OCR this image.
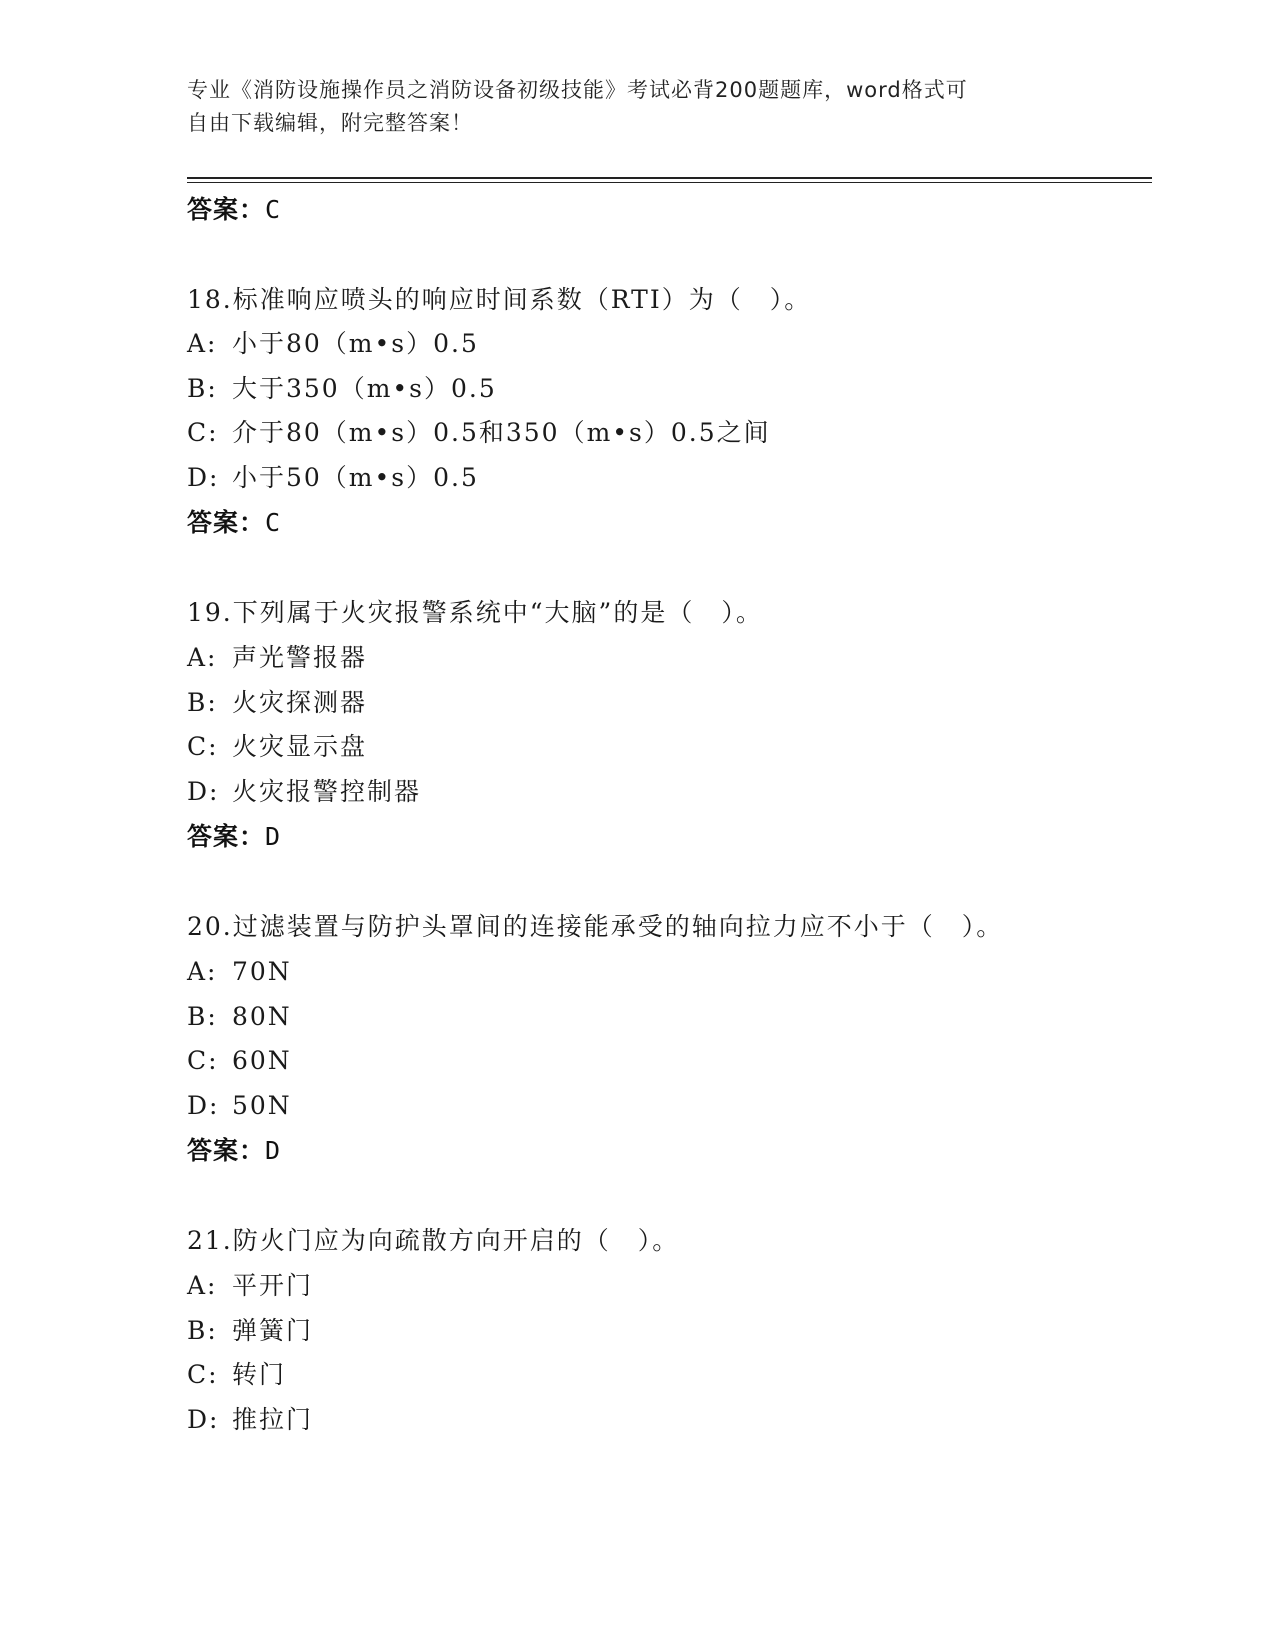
专业《消防设施操作员之消防设备初级技能》考试必背200题题库，word格式可
自由下载编辑，附完整答案！
答案：C
18.标准响应喷头的响应时间系数（RTI）为（　）。
A: 小于80（m•s）0.5
B: 大于350（m•s）0.5
C: 介于80（m•s）0.5和350（m•s）0.5之间
D: 小于50（m•s）0.5
答案：C
19.下列属于火灾报警系统中“大脑”的是（　）。
A: 声光警报器
B: 火灾探测器
C: 火灾显示盘
D: 火灾报警控制器
答案：D
20.过滤装置与防护头罩间的连接能承受的轴向拉力应不小于（　）。
A: 70N
B: 80N
C: 60N
D: 50N
答案：D
21.防火门应为向疏散方向开启的（　）。
A: 平开门
B: 弹簧门
C: 转门
D: 推拉门
